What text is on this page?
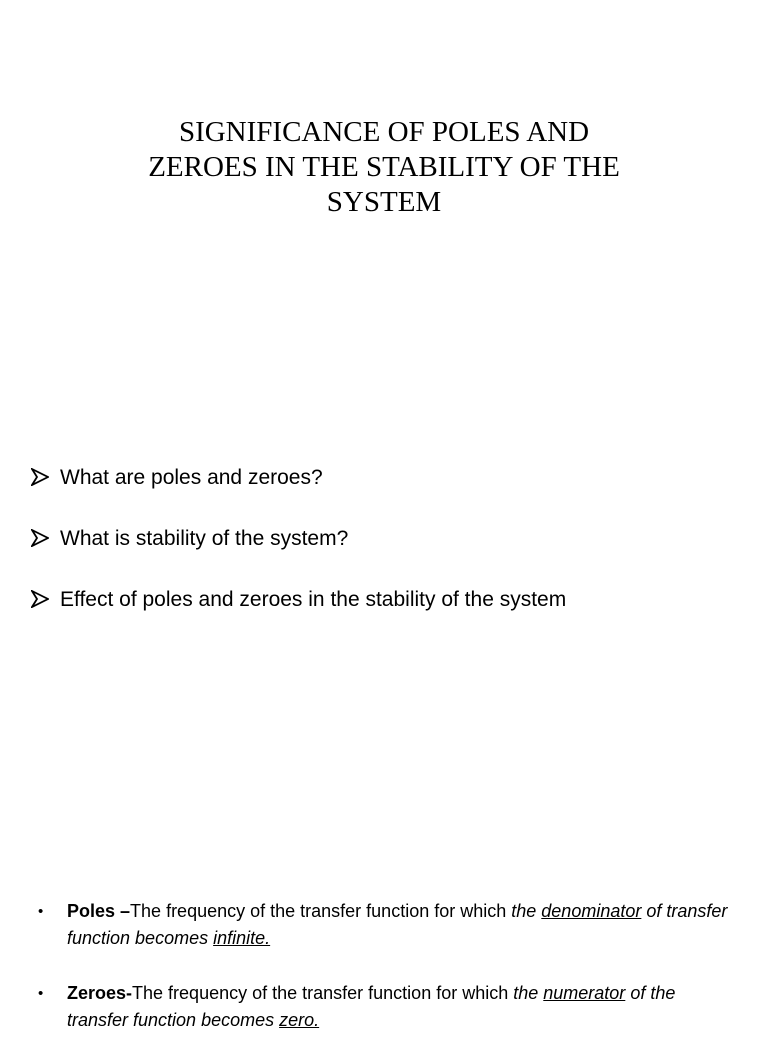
SIGNIFICANCE OF POLES AND
ZEROES IN THE STABILITY OF THE
SYSTEM
What are poles and zeroes?
What is stability of the system?
Effect of poles and zeroes in the stability of the system
• Poles –The frequency of the transfer function for which the denominator of transfer function becomes infinite.
• Zeroes-The frequency of the transfer function for which the numerator of the transfer function becomes zero.
